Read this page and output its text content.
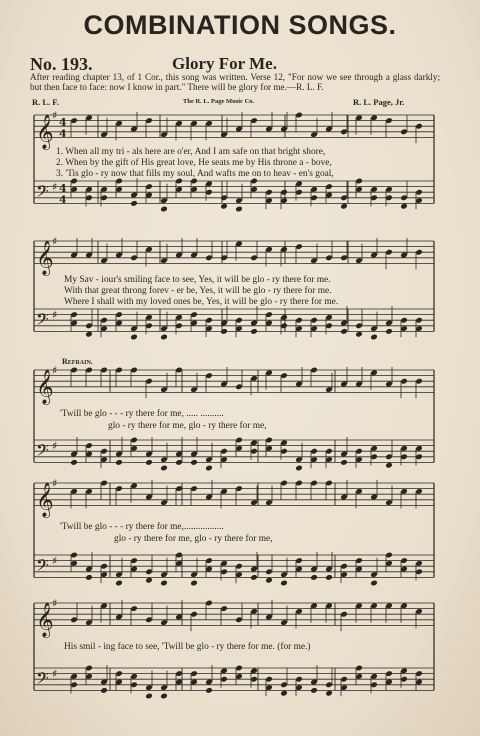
COMBINATION SONGS.
No. 193.	Glory For Me.
After reading chapter 13, of 1 Cor., this song was written. Verse 12, "For now we see through a glass darkly; but then face to face: now I know in part." There will be glory for me.—R. L. F.
R. L. F.	The R. L. Page Music Co.	R. L. Page, Jr.
𝄞
♯
4
4
𝄢 ♯ 4
4
𝄞
♯
𝄢 ♯
𝄞
♯
𝄢 ♯
𝄞
♯
𝄢 ♯
𝄞
♯
𝄢 ♯
1. When all my tri - als here are o'er, And I am safe on that bright shore,
2. When by the gift of His great love, He seats me by His throne a - bove,
3. 'Tis glo - ry now that fills my soul, And wafts me on to heav - en's goal,
My Sav - iour's smiling face to see, Yes, it will be glo - ry there for me.
With that great throng forev - er be, Yes, it will be glo - ry there for me.
Where I shall with my loved ones be, Yes, it will be glo - ry there for me.
Refrain.
'Twill be glo - - - ry there for me, ..... ..........
glo - ry there for me, glo - ry there for me,
'Twill be glo - - - ry there for me,.................
glo - ry there for me, glo - ry there for me,
His smil - ing face to see, 'Twill be glo - ry there for me. (for me.)
